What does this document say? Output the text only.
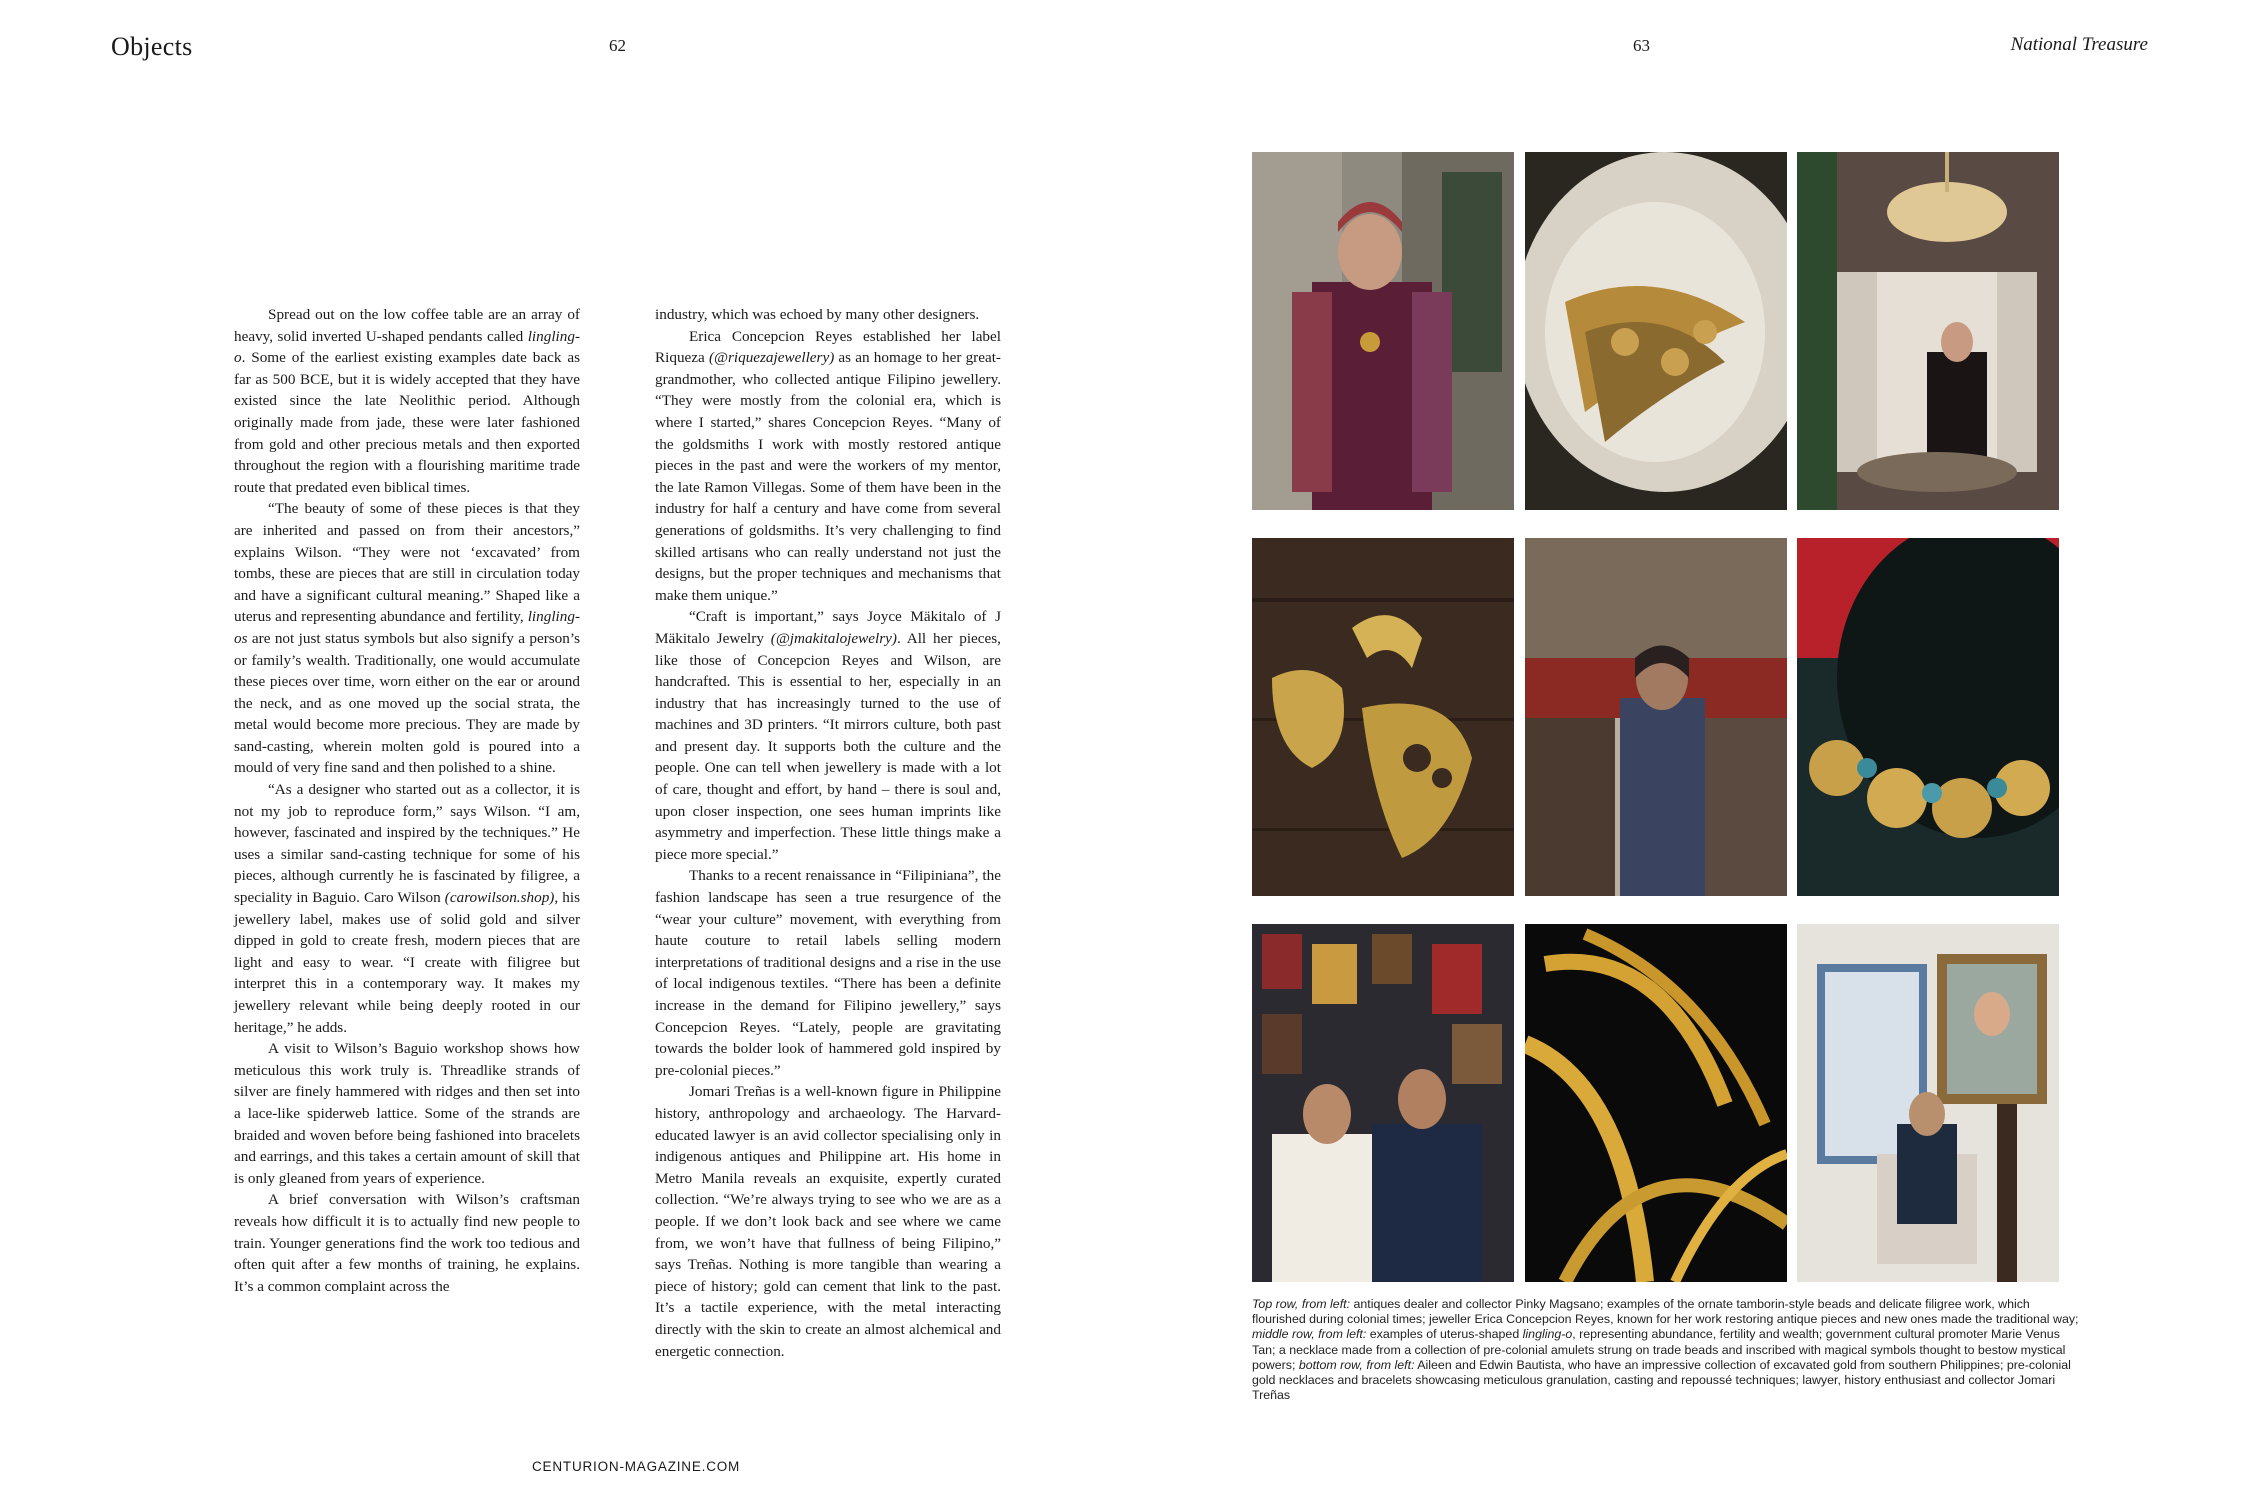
Objects	62	63	National Treasure

Spread out on the low coffee table are an array of heavy, solid inverted U-shaped pendants called lingling-o. Some of the earliest existing examples date back as far as 500 BCE, but it is widely accepted that they have existed since the late Neolithic period. Although originally made from jade, these were later fashioned from gold and other precious metals and then exported throughout the region with a flourishing maritime trade route that predated even biblical times.

“The beauty of some of these pieces is that they are inherited and passed on from their ancestors,” explains Wilson. “They were not ‘excavated’ from tombs, these are pieces that are still in circulation today and have a significant cultural meaning.” Shaped like a uterus and representing abundance and fertility, lingling-os are not just status symbols but also signify a person’s or family’s wealth. Traditionally, one would accumulate these pieces over time, worn either on the ear or around the neck, and as one moved up the social strata, the metal would become more precious. They are made by sand-casting, wherein molten gold is poured into a mould of very fine sand and then polished to a shine.

“As a designer who started out as a collector, it is not my job to reproduce form,” says Wilson. “I am, however, fascinated and inspired by the techniques.” He uses a similar sand-casting technique for some of his pieces, although currently he is fascinated by filigree, a speciality in Baguio. Caro Wilson (carowilson.shop), his jewellery label, makes use of solid gold and silver dipped in gold to create fresh, modern pieces that are light and easy to wear. “I create with filigree but interpret this in a contemporary way. It makes my jewellery relevant while being deeply rooted in our heritage,” he adds.

A visit to Wilson’s Baguio workshop shows how meticulous this work truly is. Threadlike strands of silver are finely hammered with ridges and then set into a lace-like spiderweb lattice. Some of the strands are braided and woven before being fashioned into bracelets and earrings, and this takes a certain amount of skill that is only gleaned from years of experience.

A brief conversation with Wilson’s craftsman reveals how difficult it is to actually find new people to train. Younger generations find the work too tedious and often quit after a few months of training, he explains. It’s a common complaint across the

industry, which was echoed by many other designers.

Erica Concepcion Reyes established her label Riqueza (@riquezajewellery) as an homage to her great-grandmother, who collected antique Filipino jewellery. “They were mostly from the colonial era, which is where I started,” shares Concepcion Reyes. “Many of the goldsmiths I work with mostly restored antique pieces in the past and were the workers of my mentor, the late Ramon Villegas. Some of them have been in the industry for half a century and have come from several generations of goldsmiths. It’s very challenging to find skilled artisans who can really understand not just the designs, but the proper techniques and mechanisms that make them unique.”

“Craft is important,” says Joyce Mäkitalo of J Mäkitalo Jewelry (@jmakitalojewelry). All her pieces, like those of Concepcion Reyes and Wilson, are handcrafted. This is essential to her, especially in an industry that has increasingly turned to the use of machines and 3D printers. “It mirrors culture, both past and present day. It supports both the culture and the people. One can tell when jewellery is made with a lot of care, thought and effort, by hand – there is soul and, upon closer inspection, one sees human imprints like asymmetry and imperfection. These little things make a piece more special.”

Thanks to a recent renaissance in “Filipiniana”, the fashion landscape has seen a true resurgence of the “wear your culture” movement, with everything from haute couture to retail labels selling modern interpretations of traditional designs and a rise in the use of local indigenous textiles. “There has been a definite increase in the demand for Filipino jewellery,” says Concepcion Reyes. “Lately, people are gravitating towards the bolder look of hammered gold inspired by pre-colonial pieces.”

Jomari Treñas is a well-known figure in Philippine history, anthropology and archaeology. The Harvard-educated lawyer is an avid collector specialising only in indigenous antiques and Philippine art. His home in Metro Manila reveals an exquisite, expertly curated collection. “We’re always trying to see who we are as a people. If we don’t look back and see where we came from, we won’t have that fullness of being Filipino,” says Treñas. Nothing is more tangible than wearing a piece of history; gold can cement that link to the past. It’s a tactile experience, with the metal interacting directly with the skin to create an almost alchemical and energetic connection.

CENTURION-MAGAZINE.COM
Top row, from left: antiques dealer and collector Pinky Magsano; examples of the ornate tamborin-style beads and delicate filigree work, which flourished during colonial times; jeweller Erica Concepcion Reyes, known for her work restoring antique pieces and new ones made the traditional way; middle row, from left: examples of uterus-shaped lingling-o, representing abundance, fertility and wealth; government cultural promoter Marie Venus Tan; a necklace made from a collection of pre-colonial amulets strung on trade beads and inscribed with magical symbols thought to bestow mystical powers; bottom row, from left: Aileen and Edwin Bautista, who have an impressive collection of excavated gold from southern Philippines; pre-colonial gold necklaces and bracelets showcasing meticulous granulation, casting and repoussé techniques; lawyer, history enthusiast and collector Jomari Treñas
